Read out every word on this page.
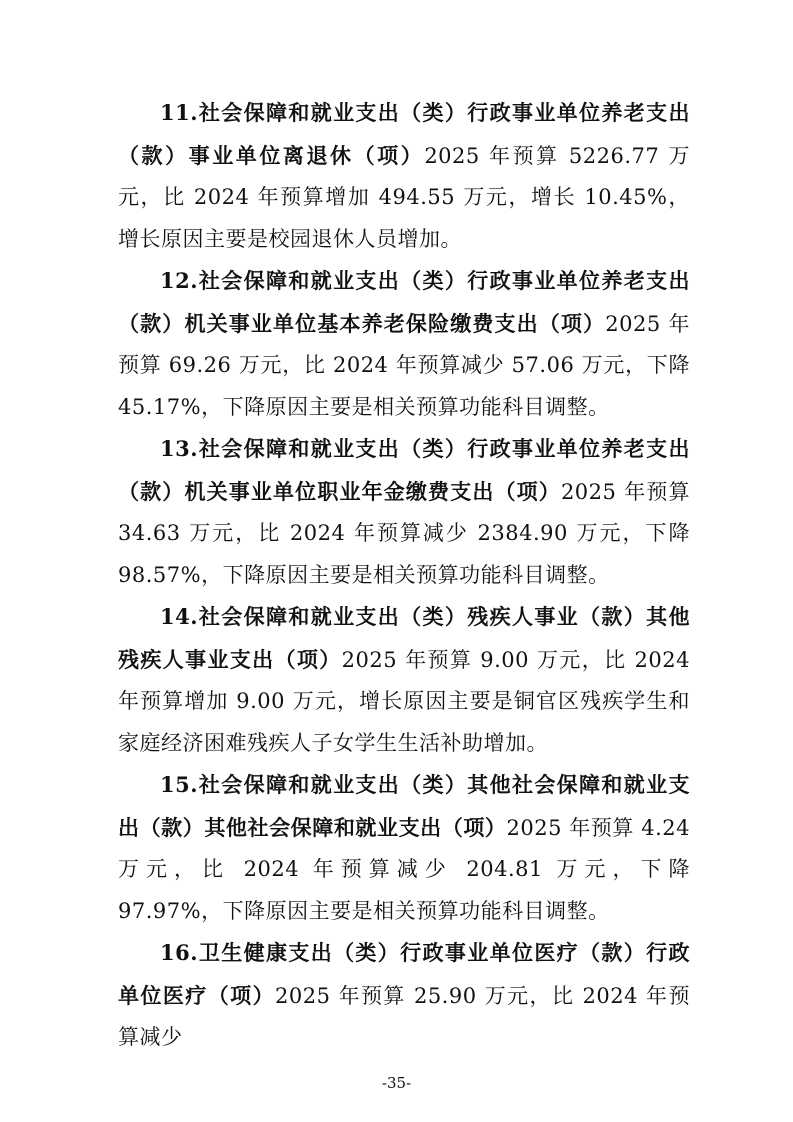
11.社会保障和就业支出（类）行政事业单位养老支出（款）事业单位离退休（项）2025 年预算 5226.77 万元，比 2024 年预算增加 494.55 万元，增长 10.45%，增长原因主要是校园退休人员增加。

12.社会保障和就业支出（类）行政事业单位养老支出（款）机关事业单位基本养老保险缴费支出（项）2025 年预算 69.26 万元，比 2024 年预算减少 57.06 万元，下降 45.17%，下降原因主要是相关预算功能科目调整。

13.社会保障和就业支出（类）行政事业单位养老支出（款）机关事业单位职业年金缴费支出（项）2025 年预算 34.63 万元，比 2024 年预算减少 2384.90 万元，下降 98.57%，下降原因主要是相关预算功能科目调整。

14.社会保障和就业支出（类）残疾人事业（款）其他残疾人事业支出（项）2025 年预算 9.00 万元，比 2024 年预算增加 9.00 万元，增长原因主要是铜官区残疾学生和家庭经济困难残疾人子女学生生活补助增加。

15.社会保障和就业支出（类）其他社会保障和就业支出（款）其他社会保障和就业支出（项）2025 年预算 4.24 万元，比 2024 年预算减少 204.81 万元，下降 97.97%，下降原因主要是相关预算功能科目调整。

16.卫生健康支出（类）行政事业单位医疗（款）行政单位医疗（项）2025 年预算 25.90 万元，比 2024 年预算减少

-35-
